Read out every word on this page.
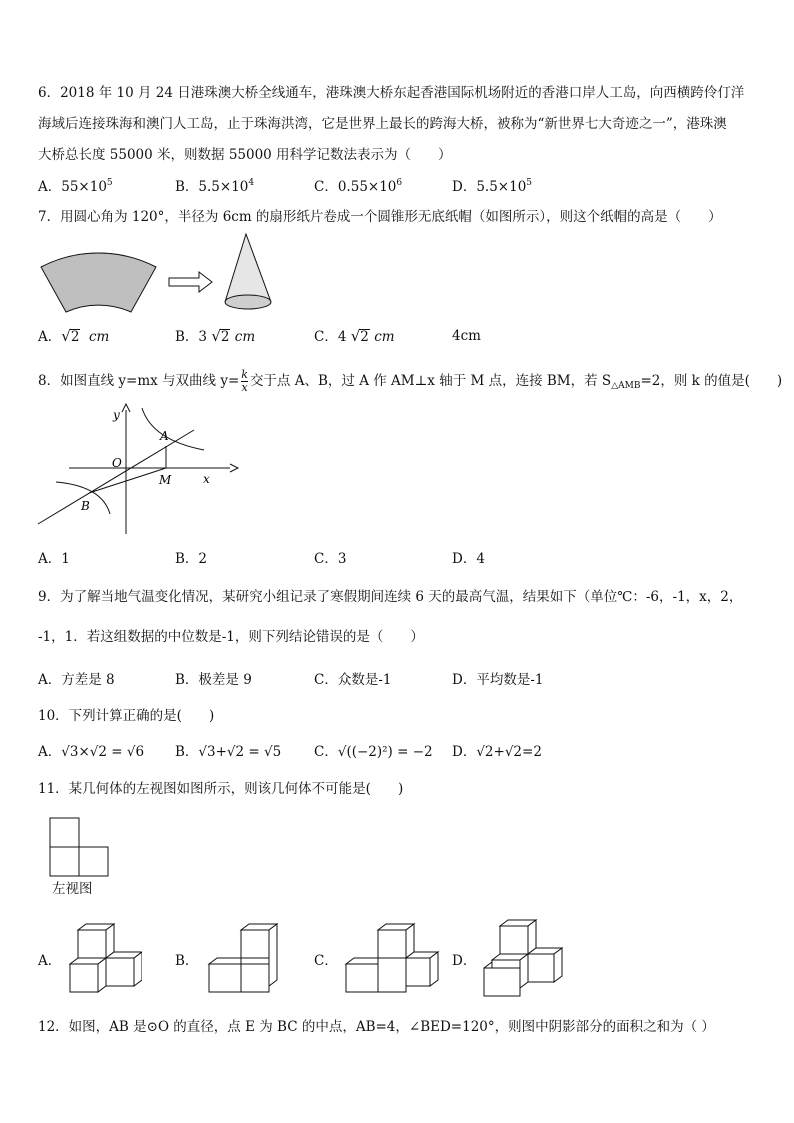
6．2018 年 10 月 24 日港珠澳大桥全线通车，港珠澳大桥东起香港国际机场附近的香港口岸人工岛，向西横跨伶仃洋
海域后连接珠海和澳门人工岛，止于珠海洪湾，它是世界上最长的跨海大桥，被称为“新世界七大奇迹之一”，港珠澳
大桥总长度 55000 米，则数据 55000 用科学记数法表示为（　　）
A．$55\times 10^5$	B．$5.5\times 10^4$	C．$0.55\times 10^6$	D．$5.5\times 10^5$
7．用圆心角为 120°，半径为 6cm 的扇形纸片卷成一个圆锥形无底纸帽（如图所示），则这个纸帽的高是（　　）
A．√2 cm	B．3 √2 cm	C．4 √2 cm	4cm
8．如图直线 y=mx 与双曲线 $y= \frac{k}{x}$ 交于点 A、B，过 A 作 AM⊥x 轴于 M 点，连接 BM，若 $S_{\triangle AMB}=2$，则 k 的值是(　　)
y
x
O
A
B
M
A．1	B．2	C．3	D．4
9．为了解当地气温变化情况，某研究小组记录了寒假期间连续 6 天的最高气温，结果如下（单位℃：-6，-1，x，2，
-1，1．若这组数据的中位数是-1，则下列结论错误的是（　　）
A．方差是 8	B．极差是 9	C．众数是-1	D．平均数是-1
10．下列计算正确的是(　　)
A．√3×√2 = √6 B．√3+√2 = √5 C．√((−2)²) = −2 D．√2+√2=2
11．某几何体的左视图如图所示，则该几何体不可能是(　　)
左视图
A．	B．	C．	D．
12．如图，AB 是⊙O 的直径，点 E 为 BC 的中点，AB=4，∠BED=120°，则图中阴影部分的面积之和为（ ）
